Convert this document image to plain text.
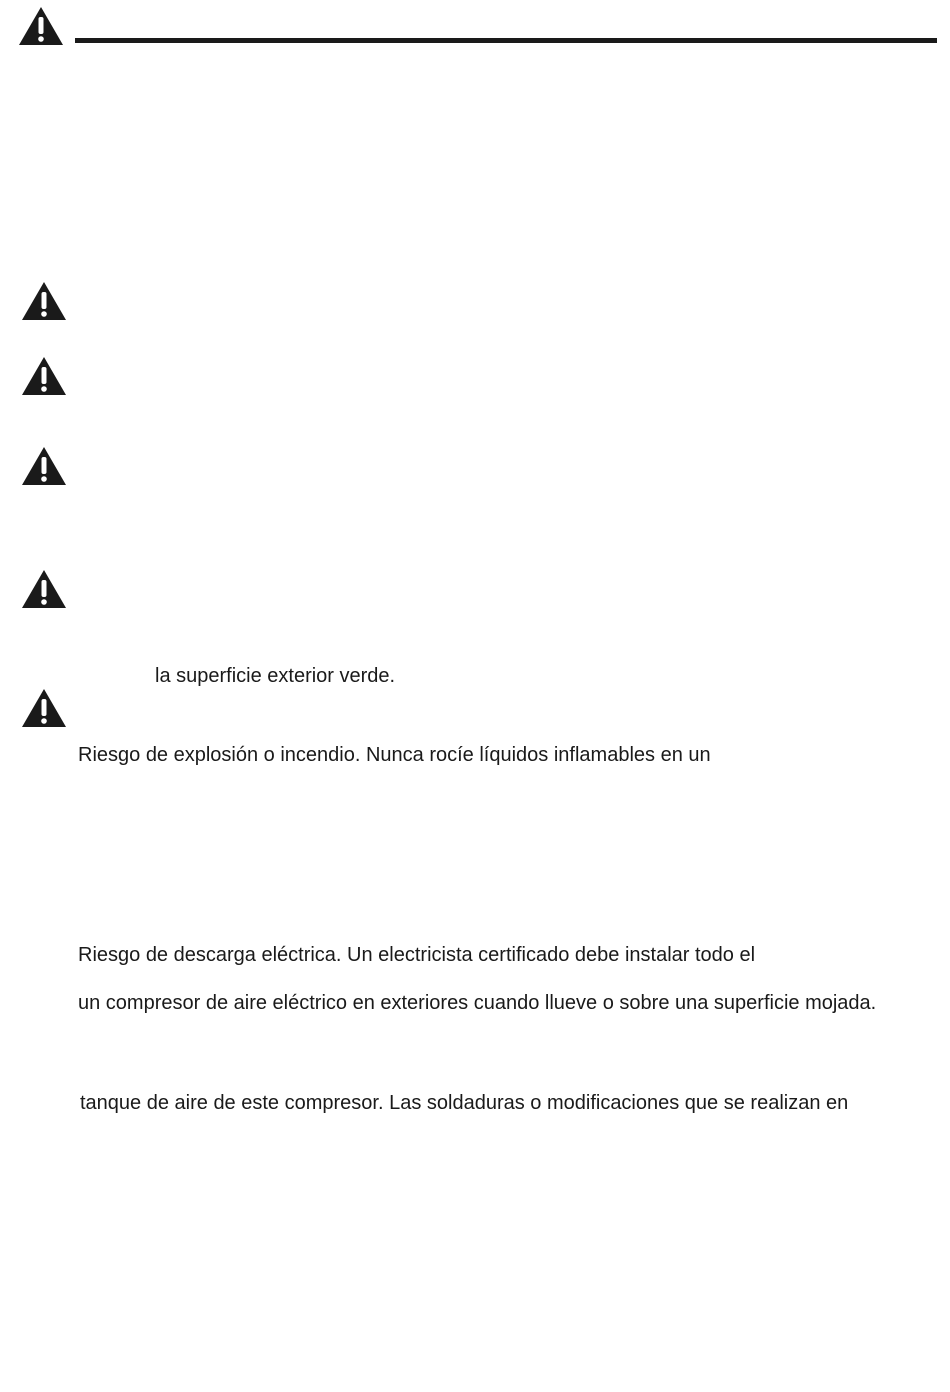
la superficie exterior verde.
Riesgo de explosión o incendio. Nunca rocíe líquidos inflamables en un
Riesgo de descarga eléctrica. Un electricista certificado debe instalar todo el
un compresor de aire eléctrico en exteriores cuando llueve o sobre una superficie mojada.
tanque de aire de este compresor. Las soldaduras o modificaciones que se realizan en
